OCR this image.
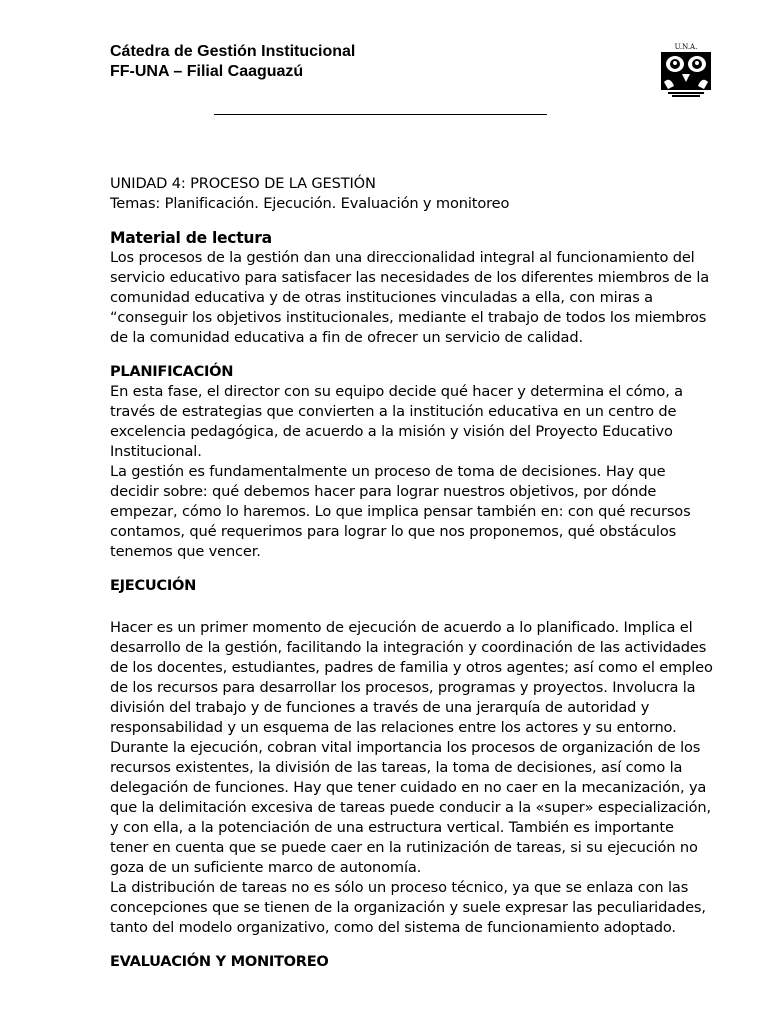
Cátedra de Gestión Institucional
FF-UNA – Filial Caaguazú
U.N.A.

UNIDAD 4: PROCESO DE LA GESTIÓN

Temas: Planificación. Ejecución. Evaluación y monitoreo

Material de lectura

Los procesos de la gestión dan una direccionalidad integral al funcionamiento del servicio educativo para satisfacer las necesidades de los diferentes miembros de la comunidad educativa y de otras instituciones vinculadas a ella, con miras a “conseguir los objetivos institucionales, mediante el trabajo de todos los miembros de la comunidad educativa a fin de ofrecer un servicio de calidad.

PLANIFICACIÓN

En esta fase, el director con su equipo decide qué hacer y determina el cómo, a través de estrategias que convierten a la institución educativa en un centro de excelencia pedagógica, de acuerdo a la misión y visión del Proyecto Educativo Institucional.

La gestión es fundamentalmente un proceso de toma de decisiones. Hay que decidir sobre: qué debemos hacer para lograr nuestros objetivos, por dónde empezar, cómo lo haremos. Lo que implica pensar también en: con qué recursos contamos, qué requerimos para lograr lo que nos proponemos, qué obstáculos tenemos que vencer.

EJECUCIÓN

Hacer es un primer momento de ejecución de acuerdo a lo planificado. Implica el desarrollo de la gestión, facilitando la integración y coordinación de las actividades de los docentes, estudiantes, padres de familia y otros agentes; así como el empleo de los recursos para desarrollar los procesos, programas y proyectos. Involucra la división del trabajo y de funciones a través de una jerarquía de autoridad y responsabilidad y un esquema de las relaciones entre los actores y su entorno.

Durante la ejecución, cobran vital importancia los procesos de organización de los recursos existentes, la división de las tareas, la toma de decisiones, así como la delegación de funciones. Hay que tener cuidado en no caer en la mecanización, ya que la delimitación excesiva de tareas puede conducir a la «super» especialización, y con ella, a la potenciación de una estructura vertical. También es importante tener en cuenta que se puede caer en la rutinización de tareas, si su ejecución no goza de un suficiente marco de autonomía.

La distribución de tareas no es sólo un proceso técnico, ya que se enlaza con las concepciones que se tienen de la organización y suele expresar las peculiaridades, tanto del modelo organizativo, como del sistema de funcionamiento adoptado.

EVALUACIÓN Y MONITOREO
